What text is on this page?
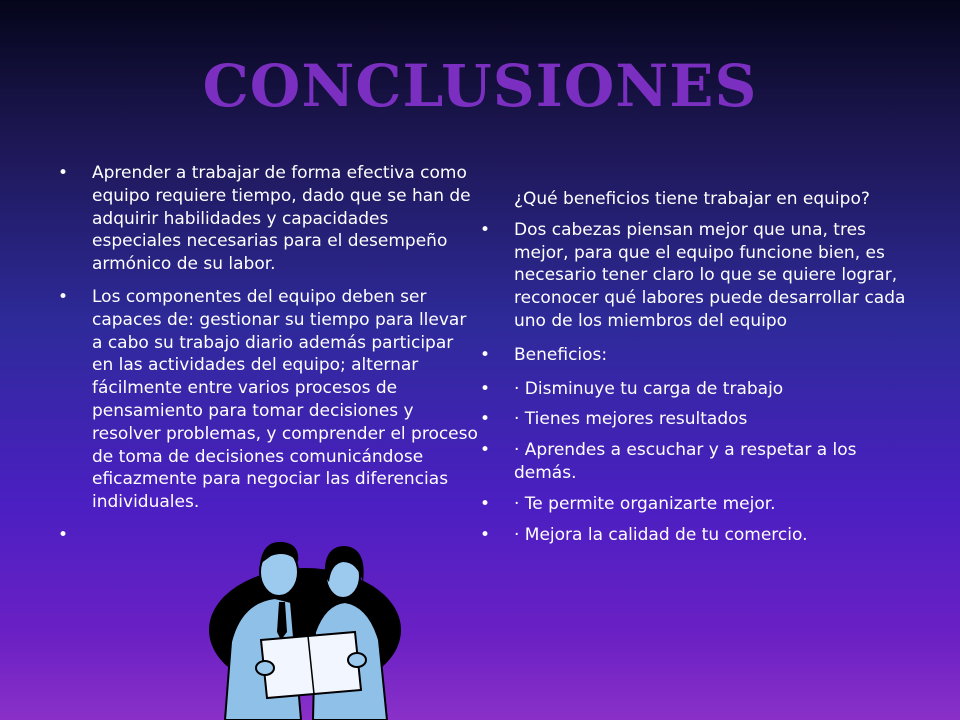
CONCLUSIONES
• Aprender a trabajar de forma efectiva como equipo requiere tiempo, dado que se han de adquirir habilidades y capacidades especiales necesarias para el desempeño armónico de su labor.
• Los componentes del equipo deben ser capaces de: gestionar su tiempo para llevar a cabo su trabajo diario además participar en las actividades del equipo; alternar fácilmente entre varios procesos de pensamiento para tomar decisiones y resolver problemas, y comprender el proceso de toma de decisiones comunicándose eficazmente para negociar las diferencias individuales.
•
¿Qué beneficios tiene trabajar en equipo?
• Dos cabezas piensan mejor que una, tres mejor, para que el equipo funcione bien, es necesario tener claro lo que se quiere lograr, reconocer qué labores puede desarrollar cada uno de los miembros del equipo
• Beneficios:
• · Disminuye tu carga de trabajo
• · Tienes mejores resultados
• · Aprendes a escuchar y a respetar a los demás.
• · Te permite organizarte mejor.
• · Mejora la calidad de tu comercio.
